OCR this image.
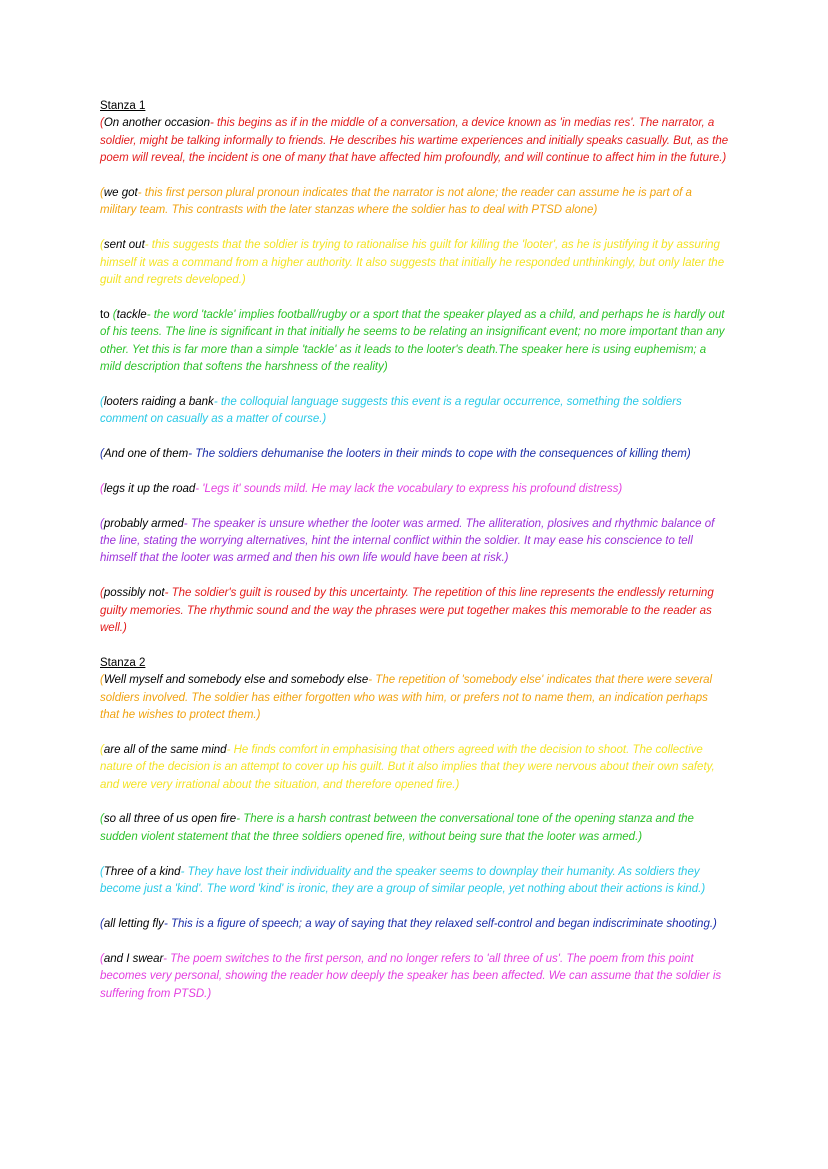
Stanza 1

(On another occasion- this begins as if in the middle of a conversation, a device known as 'in medias res'. The narrator, a soldier, might be talking informally to friends. He describes his wartime experiences and initially speaks casually. But, as the poem will reveal, the incident is one of many that have affected him profoundly, and will continue to affect him in the future.)

(we got- this first person plural pronoun indicates that the narrator is not alone; the reader can assume he is part of a military team. This contrasts with the later stanzas where the soldier has to deal with PTSD alone)

(sent out- this suggests that the soldier is trying to rationalise his guilt for killing the 'looter', as he is justifying it by assuring himself it was a command from a higher authority. It also suggests that initially he responded unthinkingly, but only later the guilt and regrets developed.)

to (tackle- the word 'tackle' implies football/rugby or a sport that the speaker played as a child, and perhaps he is hardly out of his teens. The line is significant in that initially he seems to be relating an insignificant event; no more important than any other. Yet this is far more than a simple 'tackle' as it leads to the looter's death.The speaker here is using euphemism; a mild description that softens the harshness of the reality)

(looters raiding a bank- the colloquial language suggests this event is a regular occurrence, something the soldiers comment on casually as a matter of course.)

(And one of them- The soldiers dehumanise the looters in their minds to cope with the consequences of killing them)

(legs it up the road- 'Legs it' sounds mild. He may lack the vocabulary to express his profound distress)

(probably armed- The speaker is unsure whether the looter was armed. The alliteration, plosives and rhythmic balance of the line, stating the worrying alternatives, hint the internal conflict within the soldier. It may ease his conscience to tell himself that the looter was armed and then his own life would have been at risk.)

(possibly not- The soldier's guilt is roused by this uncertainty. The repetition of this line represents the endlessly returning guilty memories. The rhythmic sound and the way the phrases were put together makes this memorable to the reader as well.)

Stanza 2

(Well myself and somebody else and somebody else- The repetition of 'somebody else' indicates that there were several soldiers involved. The soldier has either forgotten who was with him, or prefers not to name them, an indication perhaps that he wishes to protect them.)

(are all of the same mind- He finds comfort in emphasising that others agreed with the decision to shoot. The collective nature of the decision is an attempt to cover up his guilt. But it also implies that they were nervous about their own safety, and were very irrational about the situation, and therefore opened fire.)

(so all three of us open fire- There is a harsh contrast between the conversational tone of the opening stanza and the sudden violent statement that the three soldiers opened fire, without being sure that the looter was armed.)

(Three of a kind- They have lost their individuality and the speaker seems to downplay their humanity. As soldiers they become just a 'kind'. The word 'kind' is ironic, they are a group of similar people, yet nothing about their actions is kind.)

(all letting fly- This is a figure of speech; a way of saying that they relaxed self-control and began indiscriminate shooting.)

(and I swear- The poem switches to the first person, and no longer refers to 'all three of us'. The poem from this point becomes very personal, showing the reader how deeply the speaker has been affected. We can assume that the soldier is suffering from PTSD.)
